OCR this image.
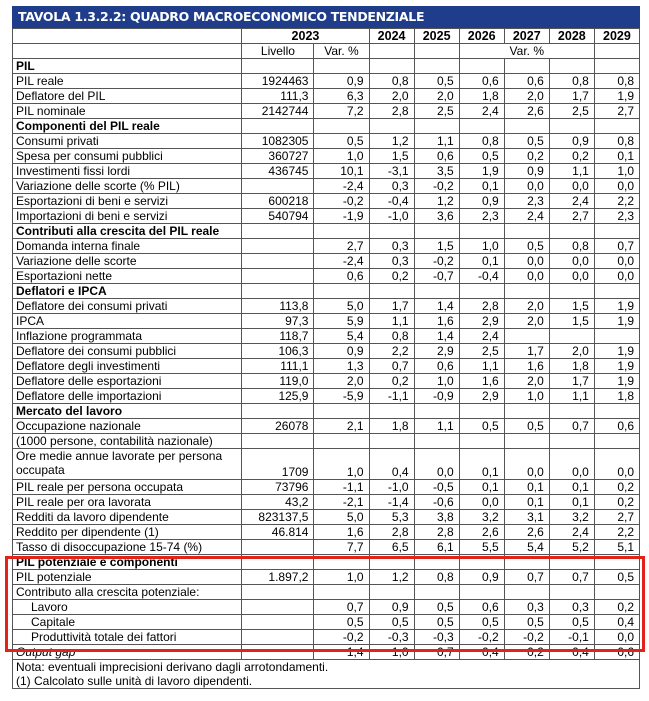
TAVOLA 1.3.2.2: QUADRO MACROECONOMICO TENDENZIALE
	2023		2024	2025	2026	2027	2028	2029
	Livello	Var. %			Var. %			
PIL								
PIL reale	1924463	0,9	0,8	0,5	0,6	0,6	0,8	0,8
Deflatore del PIL	111,3	6,3	2,0	2,0	1,8	2,0	1,7	1,9
PIL nominale	2142744	7,2	2,8	2,5	2,4	2,6	2,5	2,7
Componenti del PIL reale								
Consumi privati	1082305	0,5	1,2	1,1	0,8	0,5	0,9	0,8
Spesa per consumi pubblici	360727	1,0	1,5	0,6	0,5	0,2	0,2	0,1
Investimenti fissi lordi	436745	10,1	-3,1	3,5	1,9	0,9	1,1	1,0
Variazione delle scorte (% PIL)		-2,4	0,3	-0,2	0,1	0,0	0,0	0,0
Esportazioni di beni e servizi	600218	-0,2	-0,4	1,2	0,9	2,3	2,4	2,2
Importazioni di beni e servizi	540794	-1,9	-1,0	3,6	2,3	2,4	2,7	2,3
Contributi alla crescita del PIL reale								
Domanda interna finale		2,7	0,3	1,5	1,0	0,5	0,8	0,7
Variazione delle scorte		-2,4	0,3	-0,2	0,1	0,0	0,0	0,0
Esportazioni nette		0,6	0,2	-0,7	-0,4	0,0	0,0	0,0
Deflatori e IPCA								
Deflatore dei consumi privati	113,8	5,0	1,7	1,4	2,8	2,0	1,5	1,9
IPCA	97,3	5,9	1,1	1,6	2,9	2,0	1,5	1,9
Inflazione programmata	118,7	5,4	0,8	1,4	2,4			
Deflatore dei consumi pubblici	106,3	0,9	2,2	2,9	2,5	1,7	2,0	1,9
Deflatore degli investimenti	111,1	1,3	0,7	0,6	1,1	1,6	1,8	1,9
Deflatore delle esportazioni	119,0	2,0	0,2	1,0	1,6	2,0	1,7	1,9
Deflatore delle importazioni	125,9	-5,9	-1,1	-0,9	2,9	1,0	1,1	1,8
Mercato del lavoro								
Occupazione nazionale	26078	2,1	1,8	1,1	0,5	0,5	0,7	0,6
(1000 persone, contabilità nazionale)								
Ore medie annue lavorate per persona occupata	1709	1,0	0,4	0,0	0,1	0,0	0,0	0,0
PIL reale per persona occupata	73796	-1,1	-1,0	-0,5	0,1	0,1	0,1	0,2
PIL reale per ora lavorata	43,2	-2,1	-1,4	-0,6	0,0	0,1	0,1	0,2
Redditi da lavoro dipendente	823137,5	5,0	5,3	3,8	3,2	3,1	3,2	2,7
Reddito per dipendente (1)	46.814	1,6	2,8	2,8	2,6	2,6	2,4	2,2
Tasso di disoccupazione 15-74 (%)		7,7	6,5	6,1	5,5	5,4	5,2	5,1
PIL potenziale e componenti								
PIL potenziale	1.897,2	1,0	1,2	0,8	0,9	0,7	0,7	0,5
Contributo alla crescita potenziale:								
Lavoro		0,7	0,9	0,5	0,6	0,3	0,3	0,2
Capitale		0,5	0,5	0,5	0,5	0,5	0,5	0,4
Produttività totale dei fattori		-0,2	-0,3	-0,3	-0,2	-0,2	-0,1	0,0
Output gap		1,4	1,0	0,7	0,4	0,2	0,4	0,6
Nota: eventuali imprecisioni derivano dagli arrotondamenti.								
(1) Calcolato sulle unità di lavoro dipendenti.								
